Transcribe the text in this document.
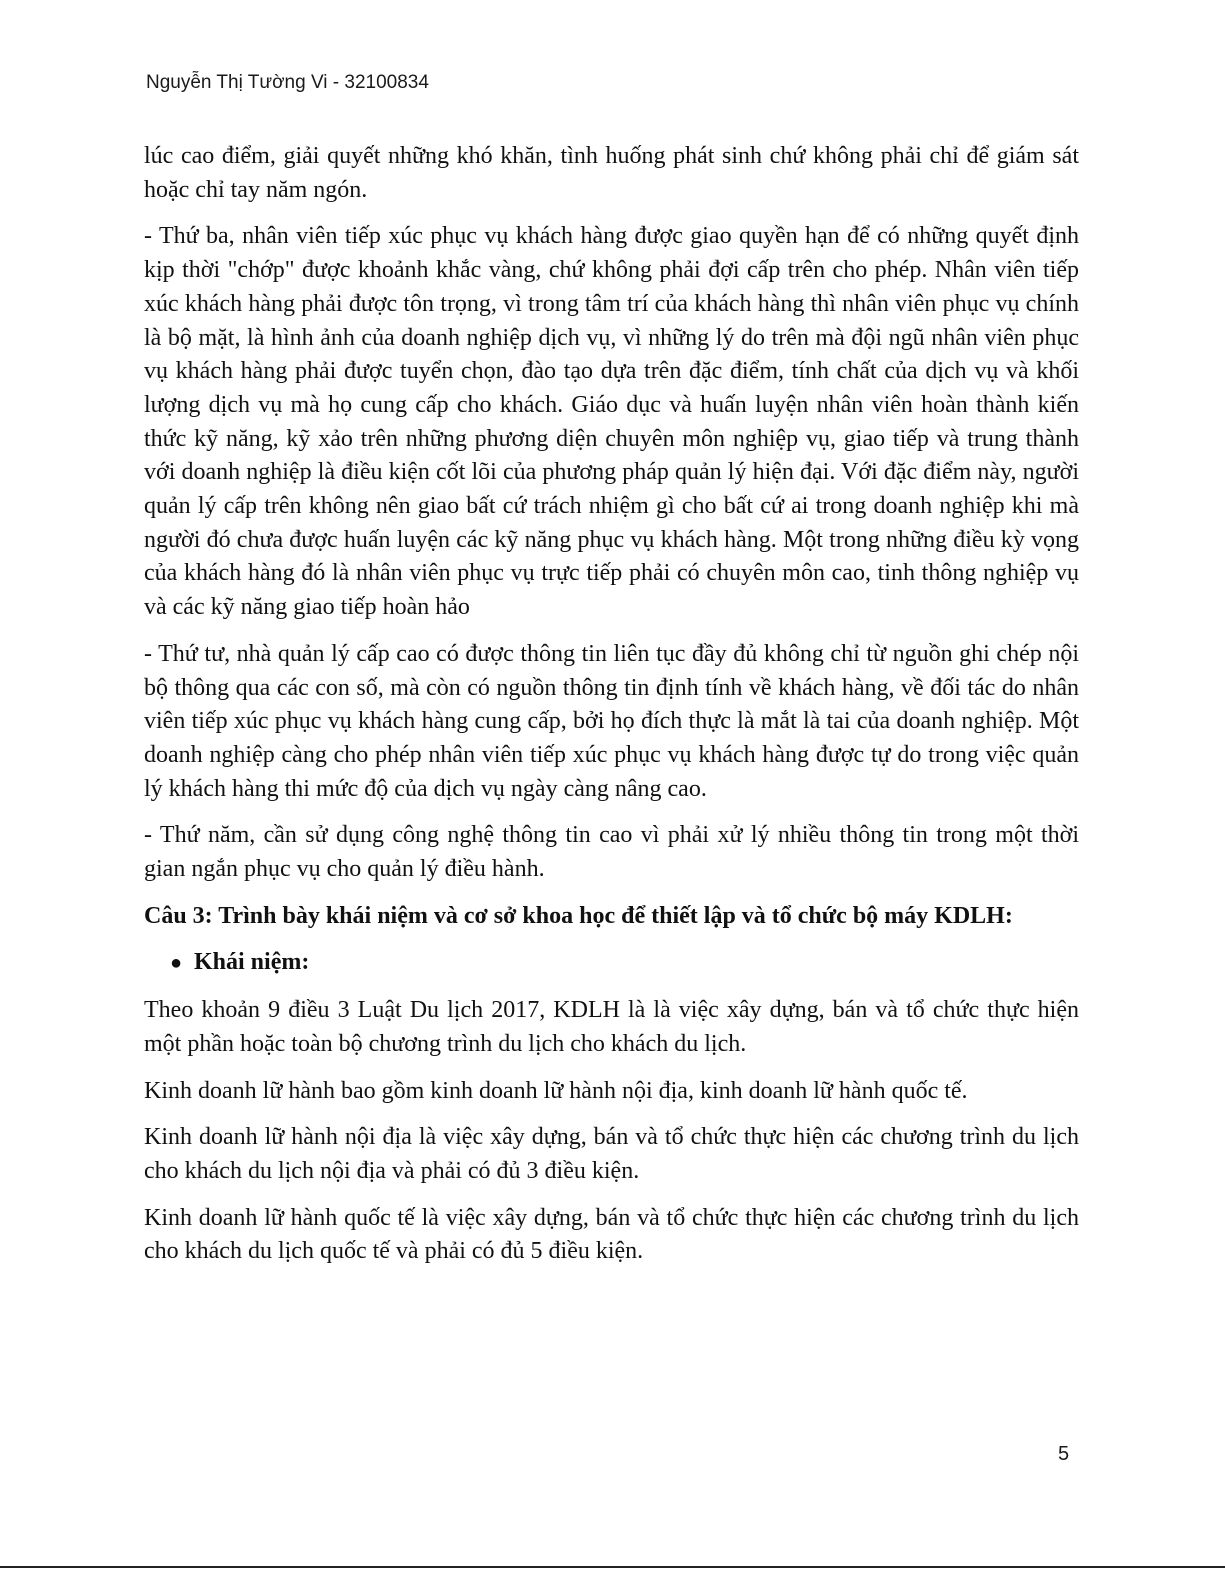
Nguyễn Thị Tường Vi - 32100834

lúc cao điểm, giải quyết những khó khăn, tình huống phát sinh chứ không phải chỉ để giám sát hoặc chỉ tay năm ngón.

- Thứ ba, nhân viên tiếp xúc phục vụ khách hàng được giao quyền hạn để có những quyết định kịp thời "chớp" được khoảnh khắc vàng, chứ không phải đợi cấp trên cho phép. Nhân viên tiếp xúc khách hàng phải được tôn trọng, vì trong tâm trí của khách hàng thì nhân viên phục vụ chính là bộ mặt, là hình ảnh của doanh nghiệp dịch vụ, vì những lý do trên mà đội ngũ nhân viên phục vụ khách hàng phải được tuyển chọn, đào tạo dựa trên đặc điểm, tính chất của dịch vụ và khối lượng dịch vụ mà họ cung cấp cho khách. Giáo dục và huấn luyện nhân viên hoàn thành kiến thức kỹ năng, kỹ xảo trên những phương diện chuyên môn nghiệp vụ, giao tiếp và trung thành với doanh nghiệp là điều kiện cốt lõi của phương pháp quản lý hiện đại. Với đặc điểm này, người quản lý cấp trên không nên giao bất cứ trách nhiệm gì cho bất cứ ai trong doanh nghiệp khi mà người đó chưa được huấn luyện các kỹ năng phục vụ khách hàng. Một trong những điều kỳ vọng của khách hàng đó là nhân viên phục vụ trực tiếp phải có chuyên môn cao, tinh thông nghiệp vụ và các kỹ năng giao tiếp hoàn hảo

- Thứ tư, nhà quản lý cấp cao có được thông tin liên tục đầy đủ không chỉ từ nguồn ghi chép nội bộ thông qua các con số, mà còn có nguồn thông tin định tính về khách hàng, về đối tác do nhân viên tiếp xúc phục vụ khách hàng cung cấp, bởi họ đích thực là mắt là tai của doanh nghiệp. Một doanh nghiệp càng cho phép nhân viên tiếp xúc phục vụ khách hàng được tự do trong việc quản lý khách hàng thi mức độ của dịch vụ ngày càng nâng cao.

- Thứ năm, cần sử dụng công nghệ thông tin cao vì phải xử lý nhiều thông tin trong một thời gian ngắn phục vụ cho quản lý điều hành.

Câu 3: Trình bày khái niệm và cơ sở khoa học để thiết lập và tổ chức bộ máy KDLH:

● Khái niệm:

Theo khoản 9 điều 3 Luật Du lịch 2017, KDLH là là việc xây dựng, bán và tổ chức thực hiện một phần hoặc toàn bộ chương trình du lịch cho khách du lịch.

Kinh doanh lữ hành bao gồm kinh doanh lữ hành nội địa, kinh doanh lữ hành quốc tế.

Kinh doanh lữ hành nội địa là việc xây dựng, bán và tổ chức thực hiện các chương trình du lịch cho khách du lịch nội địa và phải có đủ 3 điều kiện.

Kinh doanh lữ hành quốc tế là việc xây dựng, bán và tổ chức thực hiện các chương trình du lịch cho khách du lịch quốc tế và phải có đủ 5 điều kiện.

5
